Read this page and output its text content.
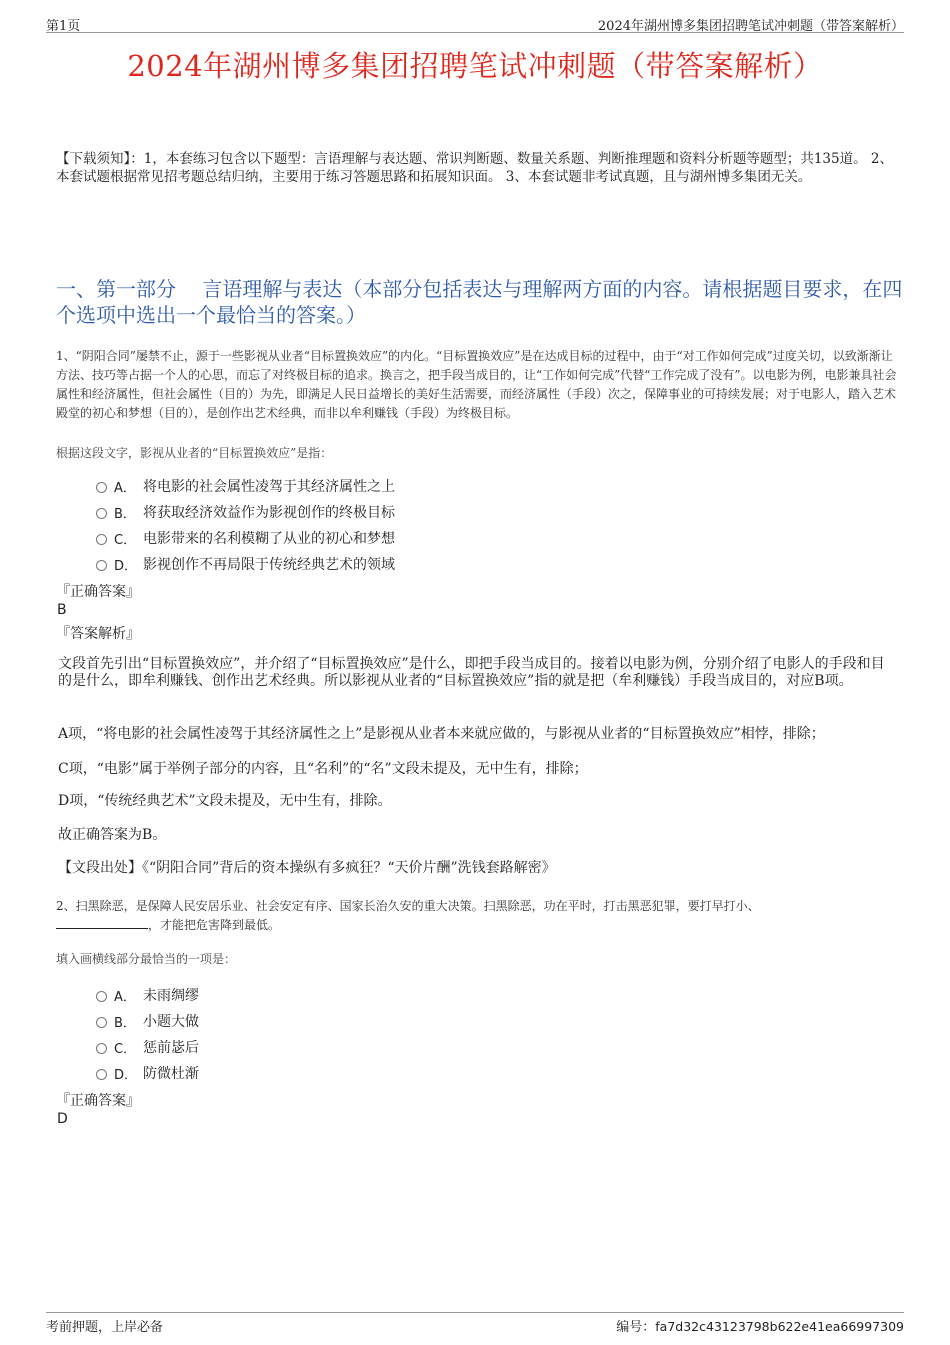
第1页	2024年湖州博多集团招聘笔试冲刺题（带答案解析）
2024年湖州博多集团招聘笔试冲刺题（带答案解析）
【下载须知】：1，本套练习包含以下题型：言语理解与表达题、常识判断题、数量关系题、判断推理题和资料分析题等题型；共135道。 2、本套试题根据常见招考题总结归纳，主要用于练习答题思路和拓展知识面。 3、本套试题非考试真题，且与湖州博多集团无关。
一、第一部分　 言语理解与表达（本部分包括表达与理解两方面的内容。请根据题目要求，在四个选项中选出一个最恰当的答案。）
1、“阴阳合同”屡禁不止，源于一些影视从业者“目标置换效应”的内化。“目标置换效应”是在达成目标的过程中，由于“对工作如何完成”过度关切，以致渐渐让方法、技巧等占据一个人的心思，而忘了对终极目标的追求。换言之，把手段当成目的，让“工作如何完成”代替“工作完成了没有”。以电影为例，电影兼具社会属性和经济属性，但社会属性（目的）为先，即满足人民日益增长的美好生活需要，而经济属性（手段）次之，保障事业的可持续发展；对于电影人，踏入艺术殿堂的初心和梦想（目的），是创作出艺术经典，而非以牟利赚钱（手段）为终极目标。
根据这段文字，影视从业者的“目标置换效应”是指：
A． 将电影的社会属性凌驾于其经济属性之上
B． 将获取经济效益作为影视创作的终极目标
C． 电影带来的名利模糊了从业的初心和梦想
D． 影视创作不再局限于传统经典艺术的领域
『正确答案』
B
『答案解析』
文段首先引出“目标置换效应”，并介绍了“目标置换效应”是什么，即把手段当成目的。接着以电影为例，分别介绍了电影人的手段和目的是什么，即牟利赚钱、创作出艺术经典。所以影视从业者的“目标置换效应”指的就是把（牟利赚钱）手段当成目的，对应B项。
A项，“将电影的社会属性凌驾于其经济属性之上”是影视从业者本来就应做的，与影视从业者的“目标置换效应”相悖，排除；
C项，“电影”属于举例子部分的内容，且“名利”的“名”文段未提及，无中生有，排除；
D项，“传统经典艺术”文段未提及，无中生有，排除。
故正确答案为B。
【文段出处】《“阴阳合同”背后的资本操纵有多疯狂？“天价片酬”洗钱套路解密》
2、扫黑除恶，是保障人民安居乐业、社会安定有序、国家长治久安的重大决策。扫黑除恶，功在平时，打击黑恶犯罪，要打早打小、
，才能把危害降到最低。
填入画横线部分最恰当的一项是：
A． 未雨绸缪
B． 小题大做
C． 惩前毖后
D． 防微杜渐
『正确答案』
D
考前押题，上岸必备	编号：fa7d32c43123798b622e41ea66997309
